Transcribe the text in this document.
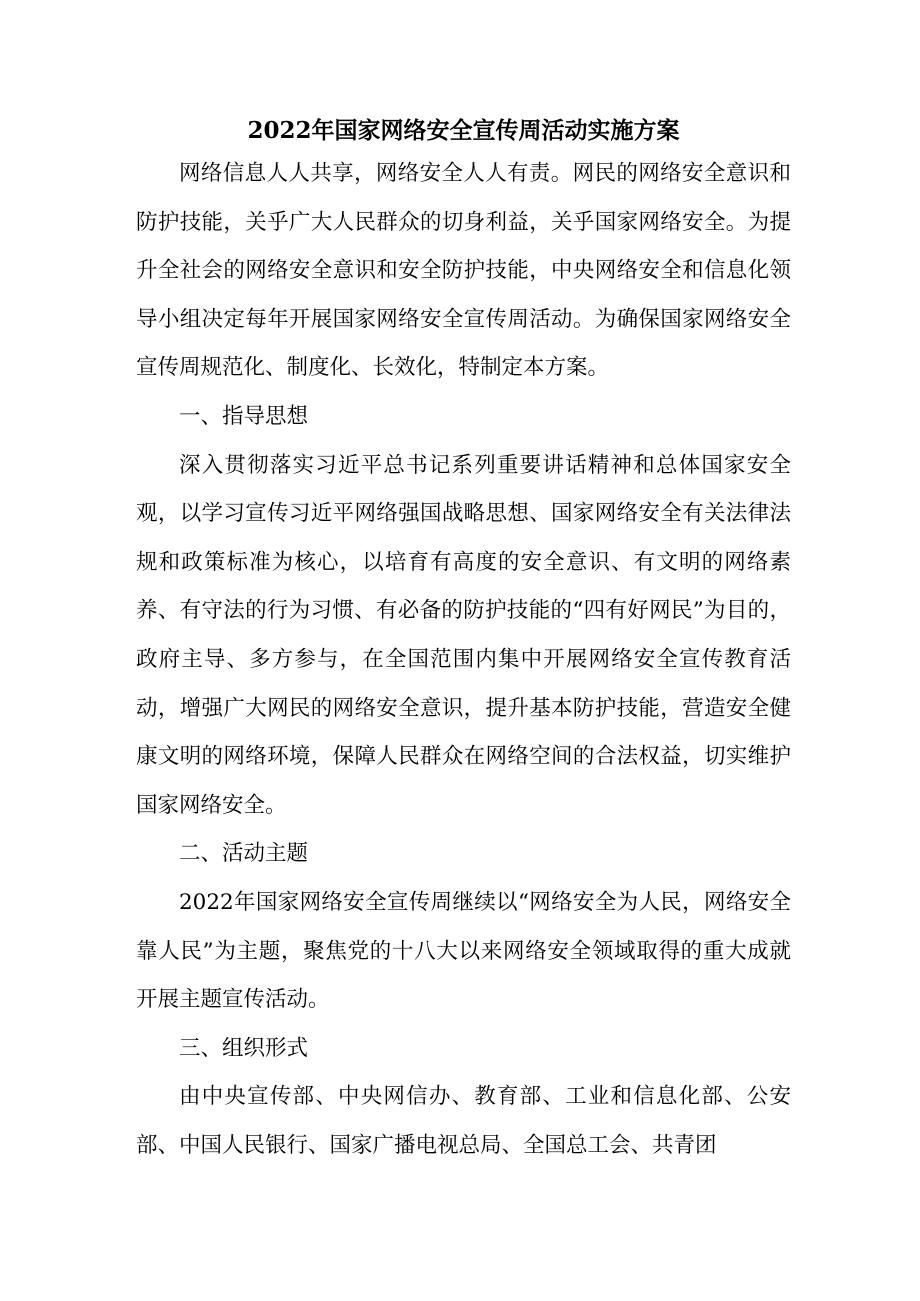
2022年国家网络安全宣传周活动实施方案

网络信息人人共享，网络安全人人有责。网民的网络安全意识和防护技能，关乎广大人民群众的切身利益，关乎国家网络安全。为提升全社会的网络安全意识和安全防护技能，中央网络安全和信息化领导小组决定每年开展国家网络安全宣传周活动。为确保国家网络安全宣传周规范化、制度化、长效化，特制定本方案。

一、指导思想

深入贯彻落实习近平总书记系列重要讲话精神和总体国家安全观，以学习宣传习近平网络强国战略思想、国家网络安全有关法律法规和政策标准为核心，以培育有高度的安全意识、有文明的网络素养、有守法的行为习惯、有必备的防护技能的“四有好网民”为目的，政府主导、多方参与，在全国范围内集中开展网络安全宣传教育活动，增强广大网民的网络安全意识，提升基本防护技能，营造安全健康文明的网络环境，保障人民群众在网络空间的合法权益，切实维护国家网络安全。

二、活动主题

2022年国家网络安全宣传周继续以“网络安全为人民，网络安全靠人民”为主题，聚焦党的十八大以来网络安全领域取得的重大成就开展主题宣传活动。

三、组织形式

由中央宣传部、中央网信办、教育部、工业和信息化部、公安部、中国人民银行、国家广播电视总局、全国总工会、共青团
